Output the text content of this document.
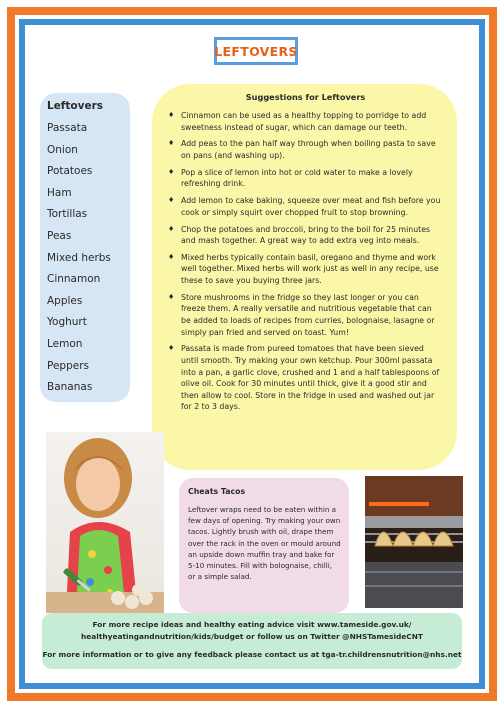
LEFTOVERS
Leftovers
Passata
Onion
Potatoes
Ham
Tortillas
Peas
Mixed herbs
Cinnamon
Apples
Yoghurt
Lemon
Peppers
Bananas
Suggestions for Leftovers
♦ Cinnamon can be used as a healthy topping to porridge to add sweetness instead of sugar, which can damage our teeth.
♦ Add peas to the pan half way through when boiling pasta to save on pans (and washing up).
♦ Pop a slice of lemon into hot or cold water to make a lovely refreshing drink.
♦ Add lemon to cake baking, squeeze over meat and fish before you cook or simply squirt over chopped fruit to stop browning.
♦ Chop the potatoes and broccoli, bring to the boil for 25 minutes and mash together. A great way to add extra veg into meals.
♦ Mixed herbs typically contain basil, oregano and thyme and work well together. Mixed herbs will work just as well in any recipe, use these to save you buying three jars.
♦ Store mushrooms in the fridge so they last longer or you can freeze them. A really versatile and nutritious vegetable that can be added to loads of recipes from curries, bolognaise, lasagne or simply pan fried and served on toast. Yum!
♦ Passata is made from pureed tomatoes that have been sieved until smooth. Try making your own ketchup. Pour 300ml passata into a pan, a garlic clove, crushed and 1 and a half tablespoons of olive oil. Cook for 30 minutes until thick, give it a good stir and then allow to cool. Store in the fridge in used and washed out jar for 2 to 3 days.
Cheats Tacos
Leftover wraps need to be eaten within a few days of opening. Try making your own tacos. Lightly brush with oil, drape them over the rack in the oven or mould around an upside down muffin tray and bake for 5-10 minutes. Fill with bolognaise, chilli, or a simple salad.
For more recipe ideas and healthy eating advice visit www.tameside.gov.uk/
healthyeatingandnutrition/kids/budget or follow us on Twitter @NHSTamesideCNT
For more information or to give any feedback please contact us at tga-tr.childrensnutrition@nhs.net
